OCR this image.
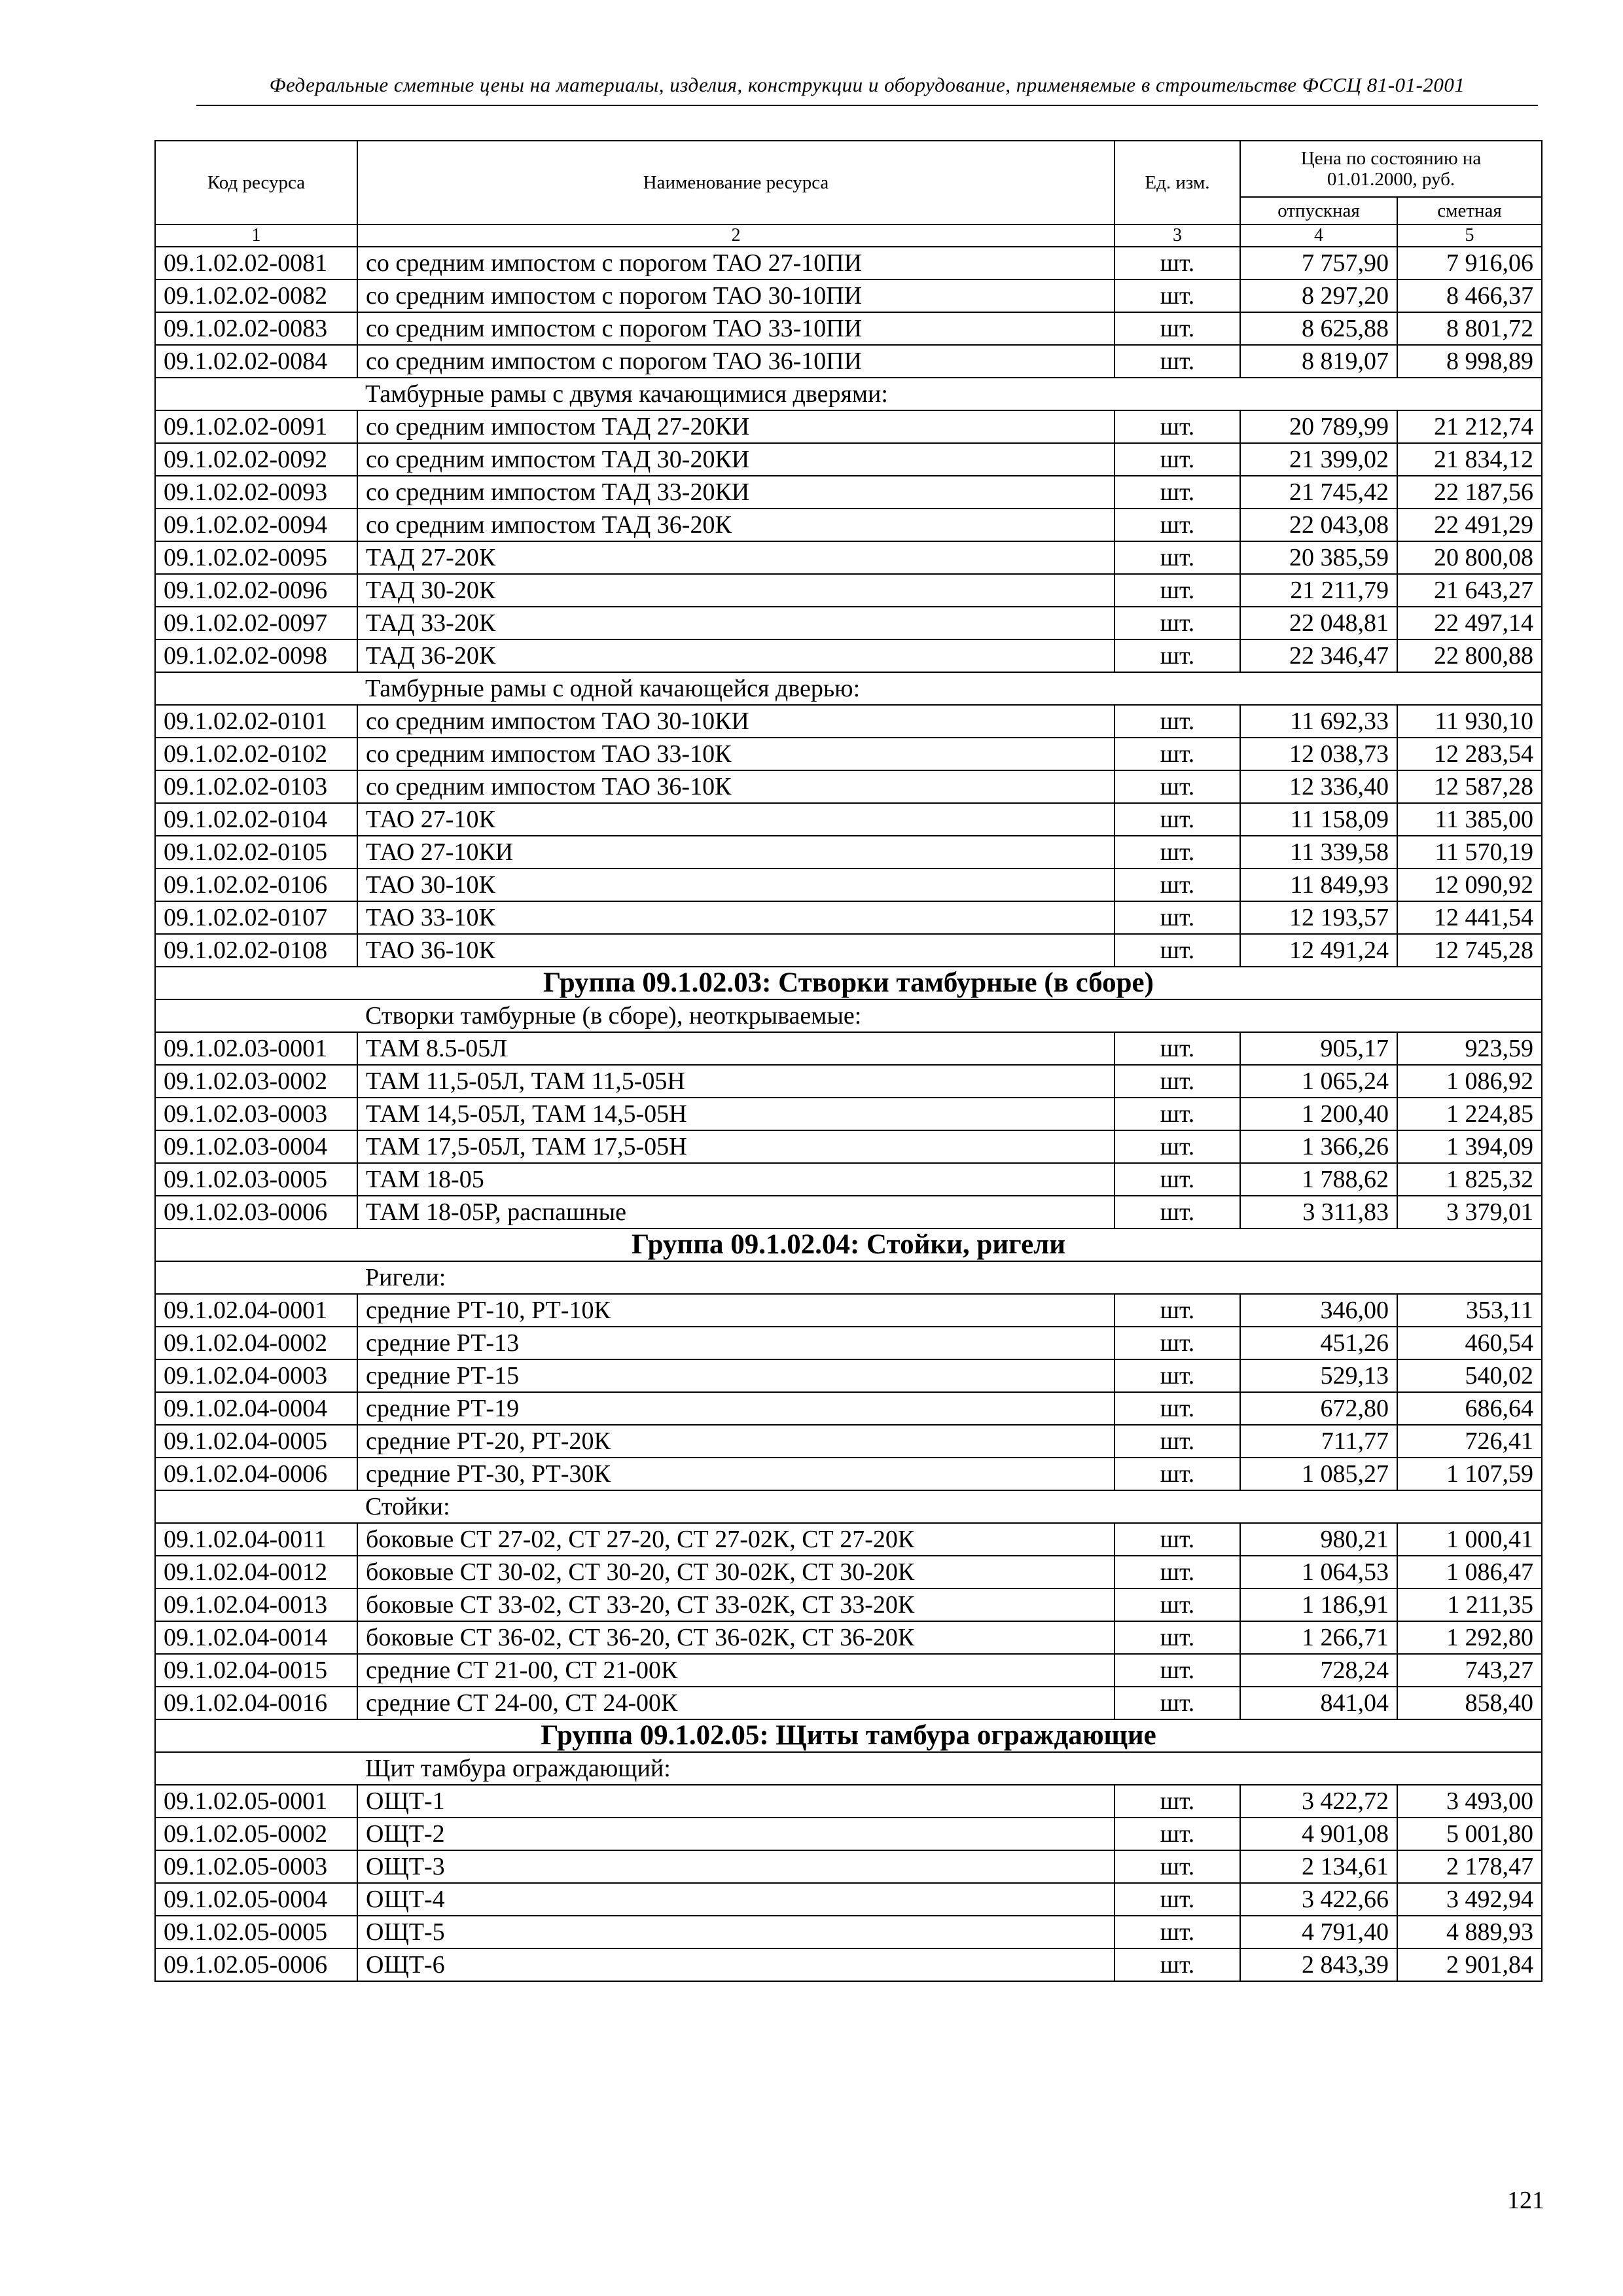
Федеральные сметные цены на материалы, изделия, конструкции и оборудование, применяемые в строительстве ФССЦ 81-01-2001
Код ресурса	Наименование ресурса	Ед. изм.	Цена по состоянию на 01.01.2000, руб.	
			отпускная	сметная
1	2	3	4	5
09.1.02.02-0081	со средним импостом с порогом ТАО 27-10ПИ	шт.	7 757,90	7 916,06
09.1.02.02-0082	со средним импостом с порогом ТАО 30-10ПИ	шт.	8 297,20	8 466,37
09.1.02.02-0083	со средним импостом с порогом ТАО 33-10ПИ	шт.	8 625,88	8 801,72
09.1.02.02-0084	со средним импостом с порогом ТАО 36-10ПИ	шт.	8 819,07	8 998,89
Тамбурные рамы с двумя качающимися дверями:				
09.1.02.02-0091	со средним импостом ТАД 27-20КИ	шт.	20 789,99	21 212,74
09.1.02.02-0092	со средним импостом ТАД 30-20КИ	шт.	21 399,02	21 834,12
09.1.02.02-0093	со средним импостом ТАД 33-20КИ	шт.	21 745,42	22 187,56
09.1.02.02-0094	со средним импостом ТАД 36-20К	шт.	22 043,08	22 491,29
09.1.02.02-0095	ТАД 27-20К	шт.	20 385,59	20 800,08
09.1.02.02-0096	ТАД 30-20К	шт.	21 211,79	21 643,27
09.1.02.02-0097	ТАД 33-20К	шт.	22 048,81	22 497,14
09.1.02.02-0098	ТАД 36-20К	шт.	22 346,47	22 800,88
Тамбурные рамы с одной качающейся дверью:				
09.1.02.02-0101	со средним импостом ТАО 30-10КИ	шт.	11 692,33	11 930,10
09.1.02.02-0102	со средним импостом ТАО 33-10К	шт.	12 038,73	12 283,54
09.1.02.02-0103	со средним импостом ТАО 36-10К	шт.	12 336,40	12 587,28
09.1.02.02-0104	ТАО 27-10К	шт.	11 158,09	11 385,00
09.1.02.02-0105	ТАО 27-10КИ	шт.	11 339,58	11 570,19
09.1.02.02-0106	ТАО 30-10К	шт.	11 849,93	12 090,92
09.1.02.02-0107	ТАО 33-10К	шт.	12 193,57	12 441,54
09.1.02.02-0108	ТАО 36-10К	шт.	12 491,24	12 745,28
Группа 09.1.02.03: Створки тамбурные (в сборе)				
Створки тамбурные (в сборе), неоткрываемые:				
09.1.02.03-0001	ТАМ 8.5-05Л	шт.	905,17	923,59
09.1.02.03-0002	ТАМ 11,5-05Л, ТАМ 11,5-05Н	шт.	1 065,24	1 086,92
09.1.02.03-0003	ТАМ 14,5-05Л, ТАМ 14,5-05Н	шт.	1 200,40	1 224,85
09.1.02.03-0004	ТАМ 17,5-05Л, ТАМ 17,5-05Н	шт.	1 366,26	1 394,09
09.1.02.03-0005	ТАМ 18-05	шт.	1 788,62	1 825,32
09.1.02.03-0006	ТАМ 18-05Р, распашные	шт.	3 311,83	3 379,01
Группа 09.1.02.04: Стойки, ригели				
Ригели:				
09.1.02.04-0001	средние РТ-10, РТ-10К	шт.	346,00	353,11
09.1.02.04-0002	средние РТ-13	шт.	451,26	460,54
09.1.02.04-0003	средние РТ-15	шт.	529,13	540,02
09.1.02.04-0004	средние РТ-19	шт.	672,80	686,64
09.1.02.04-0005	средние РТ-20, РТ-20К	шт.	711,77	726,41
09.1.02.04-0006	средние РТ-30, РТ-30К	шт.	1 085,27	1 107,59
Стойки:				
09.1.02.04-0011	боковые СТ 27-02, СТ 27-20, СТ 27-02К, СТ 27-20К	шт.	980,21	1 000,41
09.1.02.04-0012	боковые СТ 30-02, СТ 30-20, СТ 30-02К, СТ 30-20К	шт.	1 064,53	1 086,47
09.1.02.04-0013	боковые СТ 33-02, СТ 33-20, СТ 33-02К, СТ 33-20К	шт.	1 186,91	1 211,35
09.1.02.04-0014	боковые СТ 36-02, СТ 36-20, СТ 36-02К, СТ 36-20К	шт.	1 266,71	1 292,80
09.1.02.04-0015	средние СТ 21-00, СТ 21-00К	шт.	728,24	743,27
09.1.02.04-0016	средние СТ 24-00, СТ 24-00К	шт.	841,04	858,40
Группа 09.1.02.05: Щиты тамбура ограждающие				
Щит тамбура ограждающий:				
09.1.02.05-0001	ОЩТ-1	шт.	3 422,72	3 493,00
09.1.02.05-0002	ОЩТ-2	шт.	4 901,08	5 001,80
09.1.02.05-0003	ОЩТ-3	шт.	2 134,61	2 178,47
09.1.02.05-0004	ОЩТ-4	шт.	3 422,66	3 492,94
09.1.02.05-0005	ОЩТ-5	шт.	4 791,40	4 889,93
09.1.02.05-0006	ОЩТ-6	шт.	2 843,39	2 901,84
121
